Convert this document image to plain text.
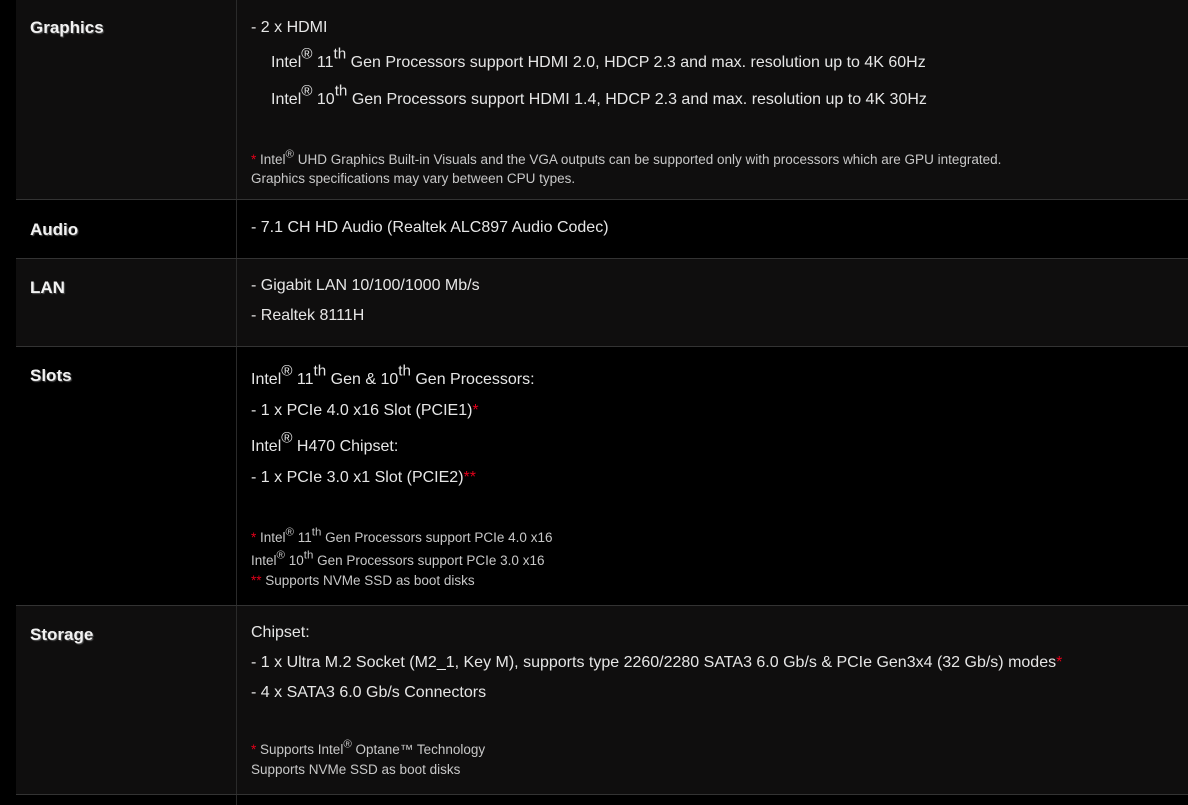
Graphics	- 2 x HDMI
Intel® 11th Gen Processors support HDMI 2.0, HDCP 2.3 and max. resolution up to 4K 60Hz
Intel® 10th Gen Processors support HDMI 1.4, HDCP 2.3 and max. resolution up to 4K 30Hz
* Intel® UHD Graphics Built-in Visuals and the VGA outputs can be supported only with processors which are GPU integrated.
Graphics specifications may vary between CPU types.
Audio	- 7.1 CH HD Audio (Realtek ALC897 Audio Codec)
LAN	- Gigabit LAN 10/100/1000 Mb/s
- Realtek 8111H
Slots	Intel® 11th Gen & 10th Gen Processors:
- 1 x PCIe 4.0 x16 Slot (PCIE1)*
Intel® H470 Chipset:
- 1 x PCIe 3.0 x1 Slot (PCIE2)**
* Intel® 11th Gen Processors support PCIe 4.0 x16
Intel® 10th Gen Processors support PCIe 3.0 x16
** Supports NVMe SSD as boot disks
Storage	Chipset:
- 1 x Ultra M.2 Socket (M2_1, Key M), supports type 2260/2280 SATA3 6.0 Gb/s & PCIe Gen3x4 (32 Gb/s) modes*
- 4 x SATA3 6.0 Gb/s Connectors
* Supports Intel® Optane™ Technology
Supports NVMe SSD as boot disks
